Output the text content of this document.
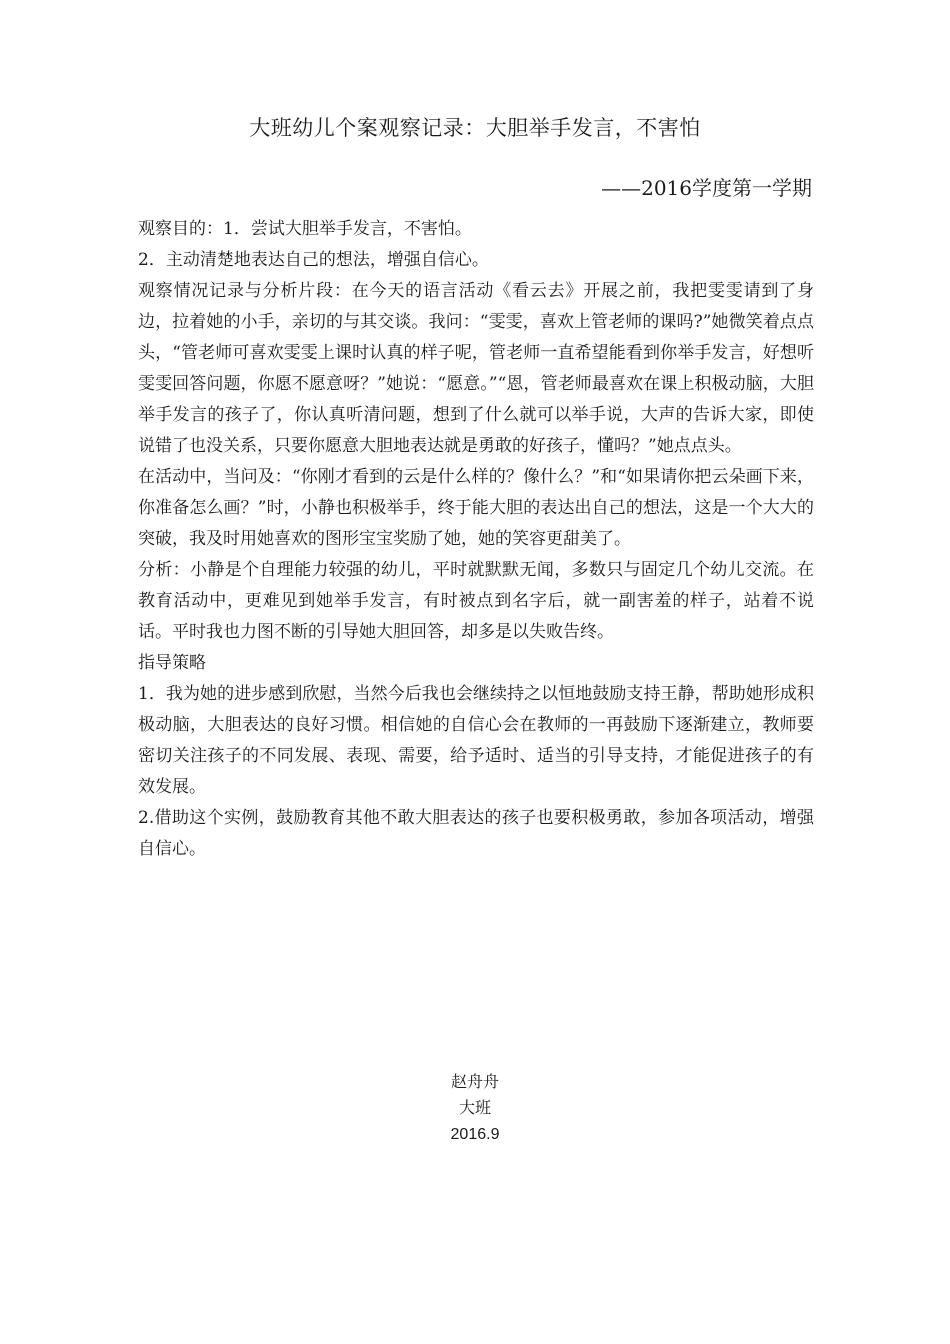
大班幼儿个案观察记录：大胆举手发言，不害怕
——2016学度第一学期

观察目的：1．尝试大胆举手发言，不害怕。

2．主动清楚地表达自己的想法，增强自信心。

观察情况记录与分析片段：在今天的语言活动《看云去》开展之前，我把雯雯请到了身边，拉着她的小手，亲切的与其交谈。我问：“雯雯，喜欢上管老师的课吗?”她微笑着点点头，“管老师可喜欢雯雯上课时认真的样子呢，管老师一直希望能看到你举手发言，好想听雯雯回答问题，你愿不愿意呀？”她说：“愿意。”“恩，管老师最喜欢在课上积极动脑，大胆举手发言的孩子了，你认真听清问题，想到了什么就可以举手说，大声的告诉大家，即使说错了也没关系，只要你愿意大胆地表达就是勇敢的好孩子，懂吗？”她点点头。

在活动中，当问及：“你刚才看到的云是什么样的？像什么？”和“如果请你把云朵画下来，你准备怎么画？”时，小静也积极举手，终于能大胆的表达出自己的想法，这是一个大大的突破，我及时用她喜欢的图形宝宝奖励了她，她的笑容更甜美了。

分析：小静是个自理能力较强的幼儿，平时就默默无闻，多数只与固定几个幼儿交流。在教育活动中，更难见到她举手发言，有时被点到名字后，就一副害羞的样子，站着不说话。平时我也力图不断的引导她大胆回答，却多是以失败告终。

指导策略

1．我为她的进步感到欣慰，当然今后我也会继续持之以恒地鼓励支持王静，帮助她形成积极动脑，大胆表达的良好习惯。相信她的自信心会在教师的一再鼓励下逐渐建立，教师要密切关注孩子的不同发展、表现、需要，给予适时、适当的引导支持，才能促进孩子的有效发展。

2.借助这个实例，鼓励教育其他不敢大胆表达的孩子也要积极勇敢，参加各项活动，增强自信心。

赵舟舟
大班
2016.9
